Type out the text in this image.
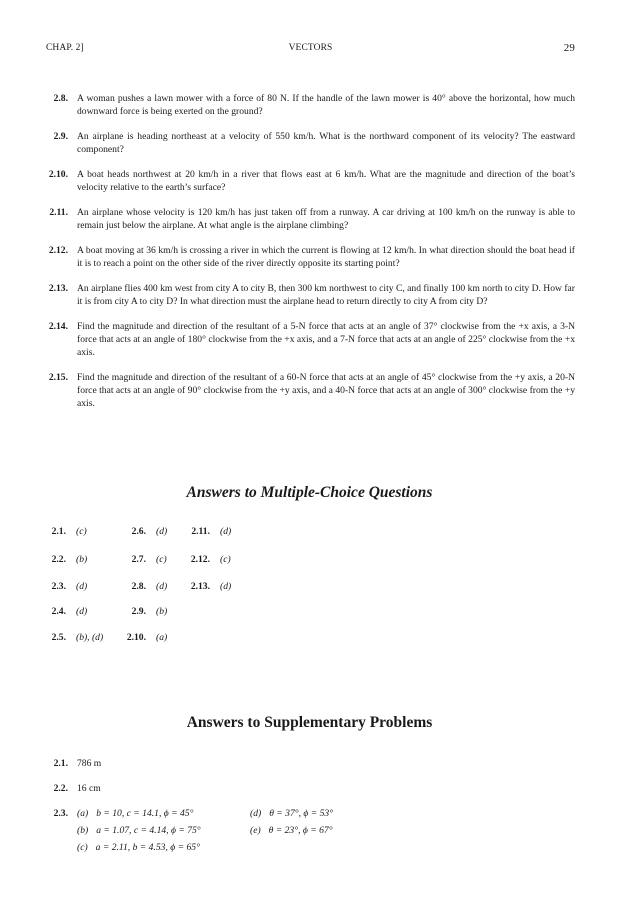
CHAP. 2]	VECTORS	29
2.8. A woman pushes a lawn mower with a force of 80 N. If the handle of the lawn mower is 40° above the horizontal, how much downward force is being exerted on the ground?
2.9. An airplane is heading northeast at a velocity of 550 km/h. What is the northward component of its velocity? The eastward component?
2.10. A boat heads northwest at 20 km/h in a river that flows east at 6 km/h. What are the magnitude and direction of the boat’s velocity relative to the earth’s surface?
2.11. An airplane whose velocity is 120 km/h has just taken off from a runway. A car driving at 100 km/h on the runway is able to remain just below the airplane. At what angle is the airplane climbing?
2.12. A boat moving at 36 km/h is crossing a river in which the current is flowing at 12 km/h. In what direction should the boat head if it is to reach a point on the other side of the river directly opposite its starting point?
2.13. An airplane flies 400 km west from city A to city B, then 300 km northwest to city C, and finally 100 km north to city D. How far it is from city A to city D? In what direction must the airplane head to return directly to city A from city D?
2.14. Find the magnitude and direction of the resultant of a 5-N force that acts at an angle of 37° clockwise from the +x axis, a 3-N force that acts at an angle of 180° clockwise from the +x axis, and a 7-N force that acts at an angle of 225° clockwise from the +x axis.
2.15. Find the magnitude and direction of the resultant of a 60-N force that acts at an angle of 45° clockwise from the +y axis, a 20-N force that acts at an angle of 90° clockwise from the +y axis, and a 40-N force that acts at an angle of 300° clockwise from the +y axis.
Answers to Multiple-Choice Questions
2.1. (c)
2.2. (b)
2.3. (d)
2.4. (d)
2.5. (b), (d)
2.6. (d)
2.7. (c)
2.8. (d)
2.9. (b)
2.10. (a)
2.11. (d)
2.12. (c)
2.13. (d)
Answers to Supplementary Problems
2.1. 786 m
2.2. 16 cm
2.3. (a) b = 10, c = 14.1, ϕ = 45°
(b) a = 1.07, c = 4.14, ϕ = 75°
(c) a = 2.11, b = 4.53, ϕ = 65°
(d) θ = 37°, ϕ = 53°
(e) θ = 23°, ϕ = 67°
